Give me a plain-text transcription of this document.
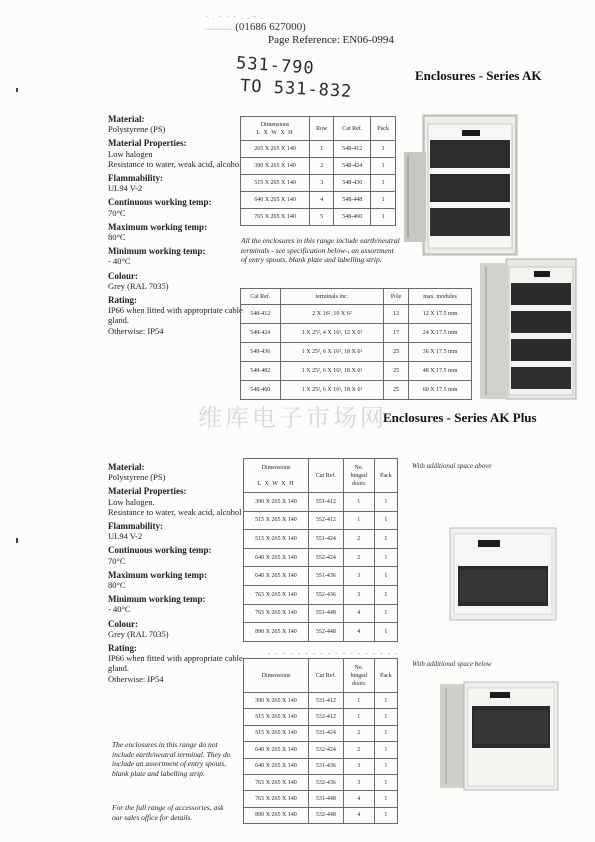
- . - - - . . - .
.......... (01686 627000)
Page Reference: EN06-0994
531-790
TO 531-832
Enclosures - Series AK
Material:
Polystyrene (PS)
Material Properties:
Low halogen
Resistance to water, weak acid, alcohol
Flammability:
UL94 V-2
Continuous working temp:
70°C
Maximum working temp:
80°C
Minimum working temp:
- 40°C
Colour:
Grey (RAL 7035)
Rating:
IP66 when fitted with appropriate cable gland.
Otherwise: IP54
Dimensions
L X W X H	Row	Cat Ref.	Pack
265 X 265 X 140	1	548-412	1
390 X 265 X 140	2	548-424	1
515 X 265 X 140	3	548-436	1
640 X 265 X 140	4	548-448	1
765 X 265 X 140	5	548-460	1
All the enclosures in this range include earth/neutral terminals - see specification below-, an assortment of entry spouts, blank plate and labelling strip.
Cat Ref.	terminals inc.	Pole	max. modules
548-412	2 X 16², 10 X 6²	12	12 X 17.5 mm
548-424	1 X 25², 4 X 16², 12 X 6²	17	24 X 17.5 mm
548-436	1 X 25², 6 X 16², 18 X 6²	25	36 X 17.5 mm
548-482	1 X 25², 6 X 16², 18 X 6²	25	48 X 17.5 mm
548-460	1 X 25², 6 X 16², 18 X 6²	25	60 X 17.5 mm
维库电子市场网
Enclosures - Series AK Plus
Material:
Polystyrene (PS)
Material Properties:
Low halogen.
Resistance to water, weak acid, alcohol
Flammability:
UL94 V-2
Continuous working temp:
70°C
Maximum working temp:
80°C
Minimum working temp:
- 40°C
Colour:
Grey (RAL 7035)
Rating:
IP66 when fitted with appropriate cable gland.
Otherwise: IP54
The enclosures in this range do not include earth/neutral terminal. They do include an assortment of entry spouts, blank plate and labelling strip.
For the full range of accessories, ask our sales office for details.
Dimensions
L X W X H	Cat Ref.	No. hinged doors	Pack
390 X 265 X 140	551-412	1	1
515 X 265 X 140	552-412	1	1
515 X 265 X 140	551-424	2	1
640 X 265 X 140	552-424	2	1
640 X 265 X 140	551-436	3	1
765 X 265 X 140	552-436	3	1
765 X 265 X 140	551-448	4	1
890 X 265 X 140	552-448	4	1
With additional space above
- - - - - - - - - - - - - - - - - -
Dimensions	Cat Ref.	No. hinged doors	Pack
390 X 265 X 140	531-412	1	1
515 X 265 X 140	532-412	1	1
515 X 265 X 140	531-424	2	1
640 X 265 X 140	532-424	2	1
640 X 265 X 140	531-436	3	1
765 X 265 X 140	532-436	3	1
765 X 265 X 140	531-448	4	1
890 X 265 X 140	532-448	4	1
With additional space below
